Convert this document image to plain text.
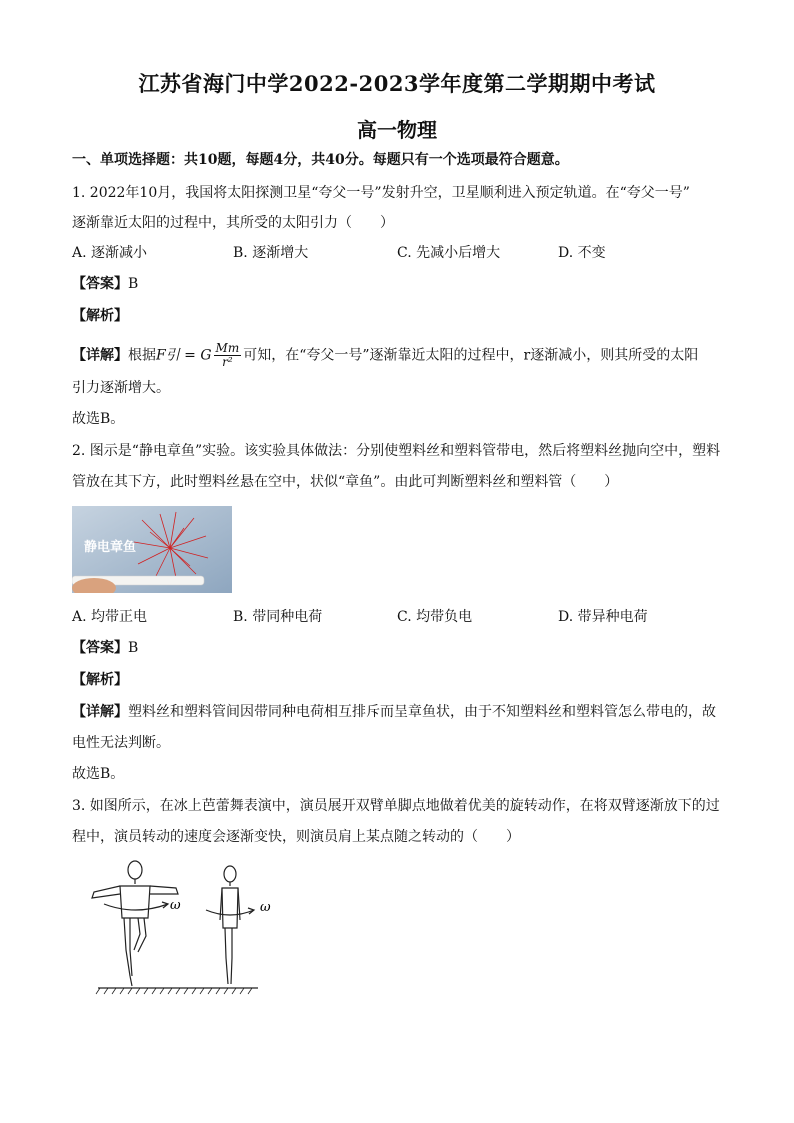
江苏省海门中学2022-2023学年度第二学期期中考试
高一物理
一、单项选择题：共10题，每题4分，共40分。每题只有一个选项最符合题意。
1. 2022年10月，我国将太阳探测卫星“夸父一号”发射升空，卫星顺利进入预定轨道。在“夸父一号”
逐渐靠近太阳的过程中，其所受的太阳引力（　　）
A. 逐渐减小	B. 逐渐增大	C. 先减小后增大	D. 不变
【答案】B
【解析】
【详解】根据F引 = G $\frac{Mm}{\text{r²}}$ 可知，在“夸父一号”逐渐靠近太阳的过程中，r逐渐减小，则其所受的太阳
引力逐渐增大。
故选B。
2. 图示是“静电章鱼”实验。该实验具体做法：分别使塑料丝和塑料管带电，然后将塑料丝抛向空中，塑料
管放在其下方，此时塑料丝悬在空中，状似“章鱼”。由此可判断塑料丝和塑料管（　　）
静电章鱼
A. 均带正电	B. 带同种电荷	C. 均带负电	D. 带异种电荷
【答案】B
【解析】
【详解】塑料丝和塑料管间因带同种电荷相互排斥而呈章鱼状，由于不知塑料丝和塑料管怎么带电的，故
电性无法判断。
故选B。
3. 如图所示，在冰上芭蕾舞表演中，演员展开双臂单脚点地做着优美的旋转动作，在将双臂逐渐放下的过
程中，演员转动的速度会逐渐变快，则演员肩上某点随之转动的（　　）
ω	ω
